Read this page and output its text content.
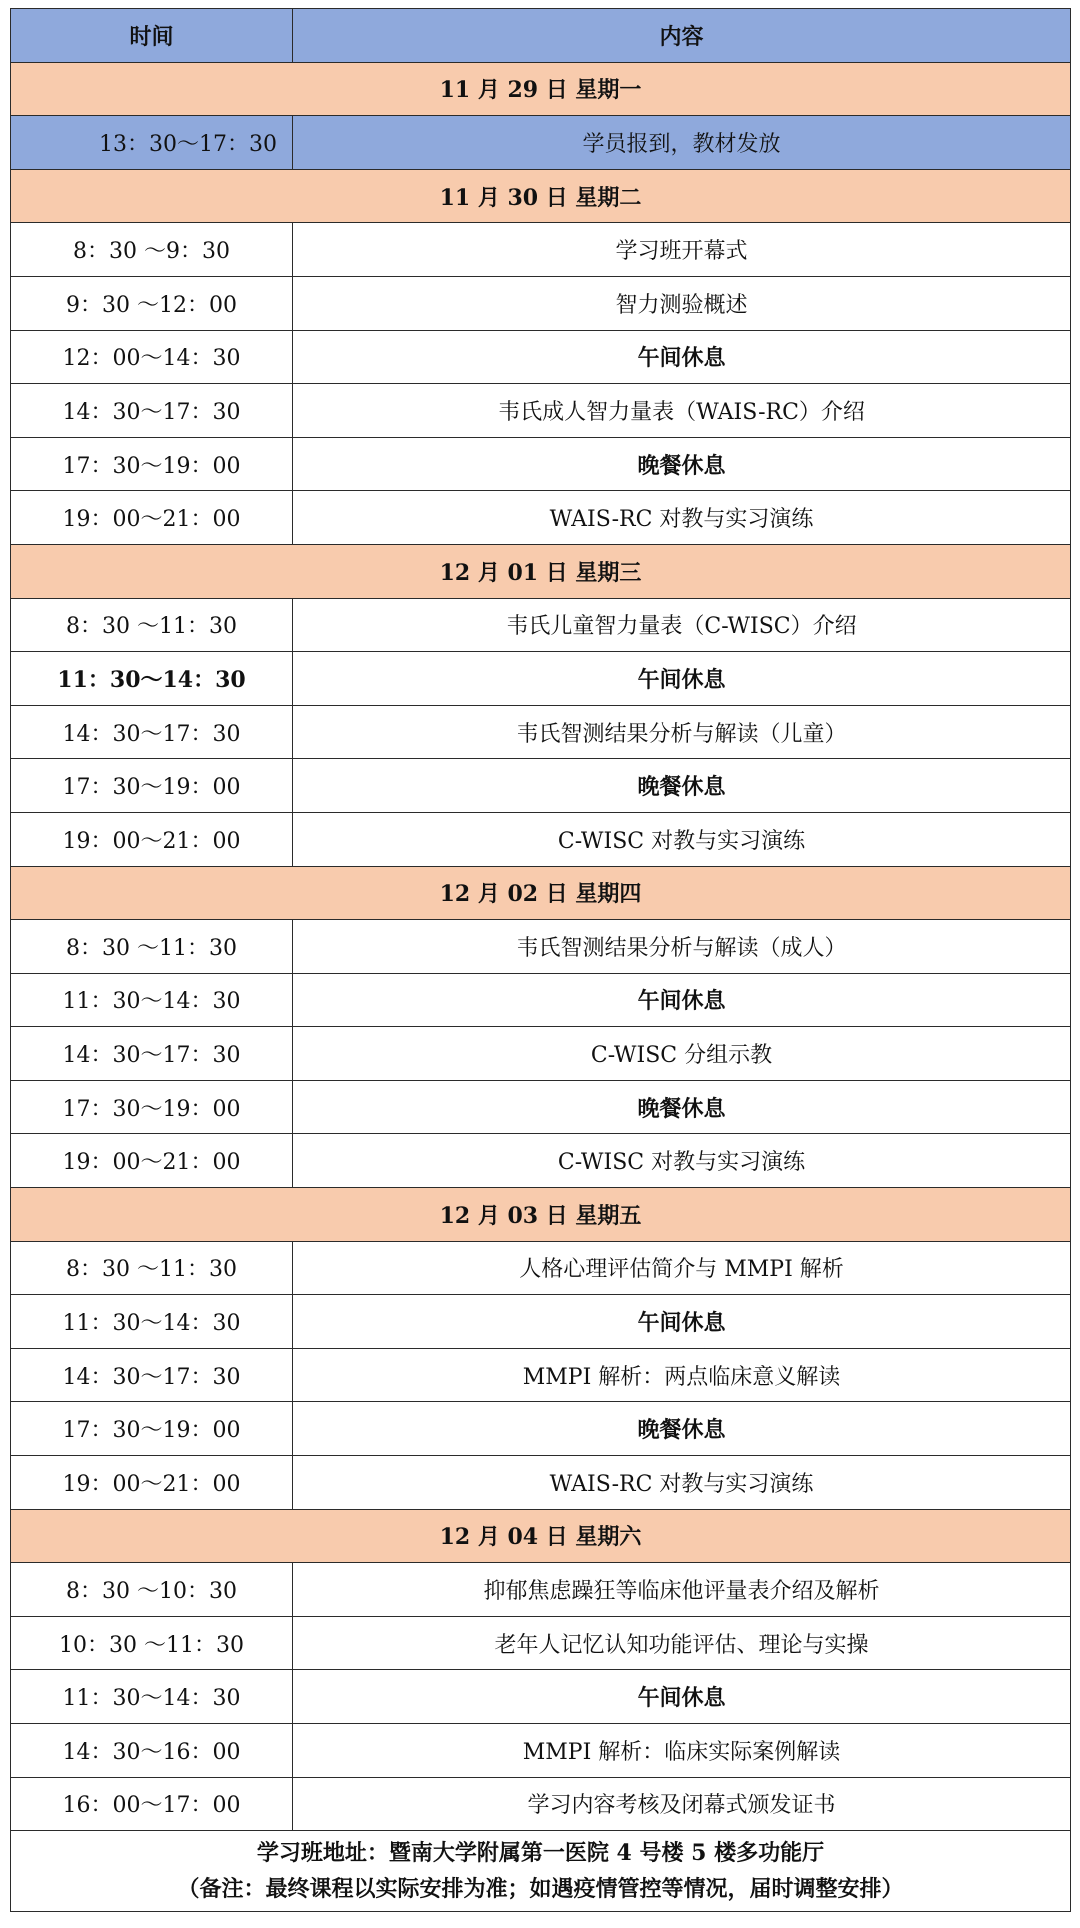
时间	内容
11 月 29 日 星期一	
13：30〜17：30	学员报到，教材发放
11 月 30 日 星期二	
8：30 〜9：30	学习班开幕式
9：30 〜12：00	智力测验概述
12：00〜14：30	午间休息
14：30〜17：30	韦氏成人智力量表（WAIS-RC）介绍
17：30〜19：00	晚餐休息
19：00〜21：00	WAIS-RC 对教与实习演练
12 月 01 日 星期三	
8：30 〜11：30	韦氏儿童智力量表（C-WISC）介绍
11：30〜14：30	午间休息
14：30〜17：30	韦氏智测结果分析与解读（儿童）
17：30〜19：00	晚餐休息
19：00〜21：00	C-WISC 对教与实习演练
12 月 02 日 星期四	
8：30 〜11：30	韦氏智测结果分析与解读（成人）
11：30〜14：30	午间休息
14：30〜17：30	C-WISC 分组示教
17：30〜19：00	晚餐休息
19：00〜21：00	C-WISC 对教与实习演练
12 月 03 日 星期五	
8：30 〜11：30	人格心理评估简介与 MMPI 解析
11：30〜14：30	午间休息
14：30〜17：30	MMPI 解析：两点临床意义解读
17：30〜19：00	晚餐休息
19：00〜21：00	WAIS-RC 对教与实习演练
12 月 04 日 星期六	
8：30 〜10：30	抑郁焦虑躁狂等临床他评量表介绍及解析
10：30 〜11：30	老年人记忆认知功能评估、理论与实操
11：30〜14：30	午间休息
14：30〜16：00	MMPI 解析：临床实际案例解读
16：00〜17：00	学习内容考核及闭幕式颁发证书

学习班地址：暨南大学附属第一医院 4 号楼 5 楼多功能厅
（备注：最终课程以实际安排为准；如遇疫情管控等情况，届时调整安排）	
